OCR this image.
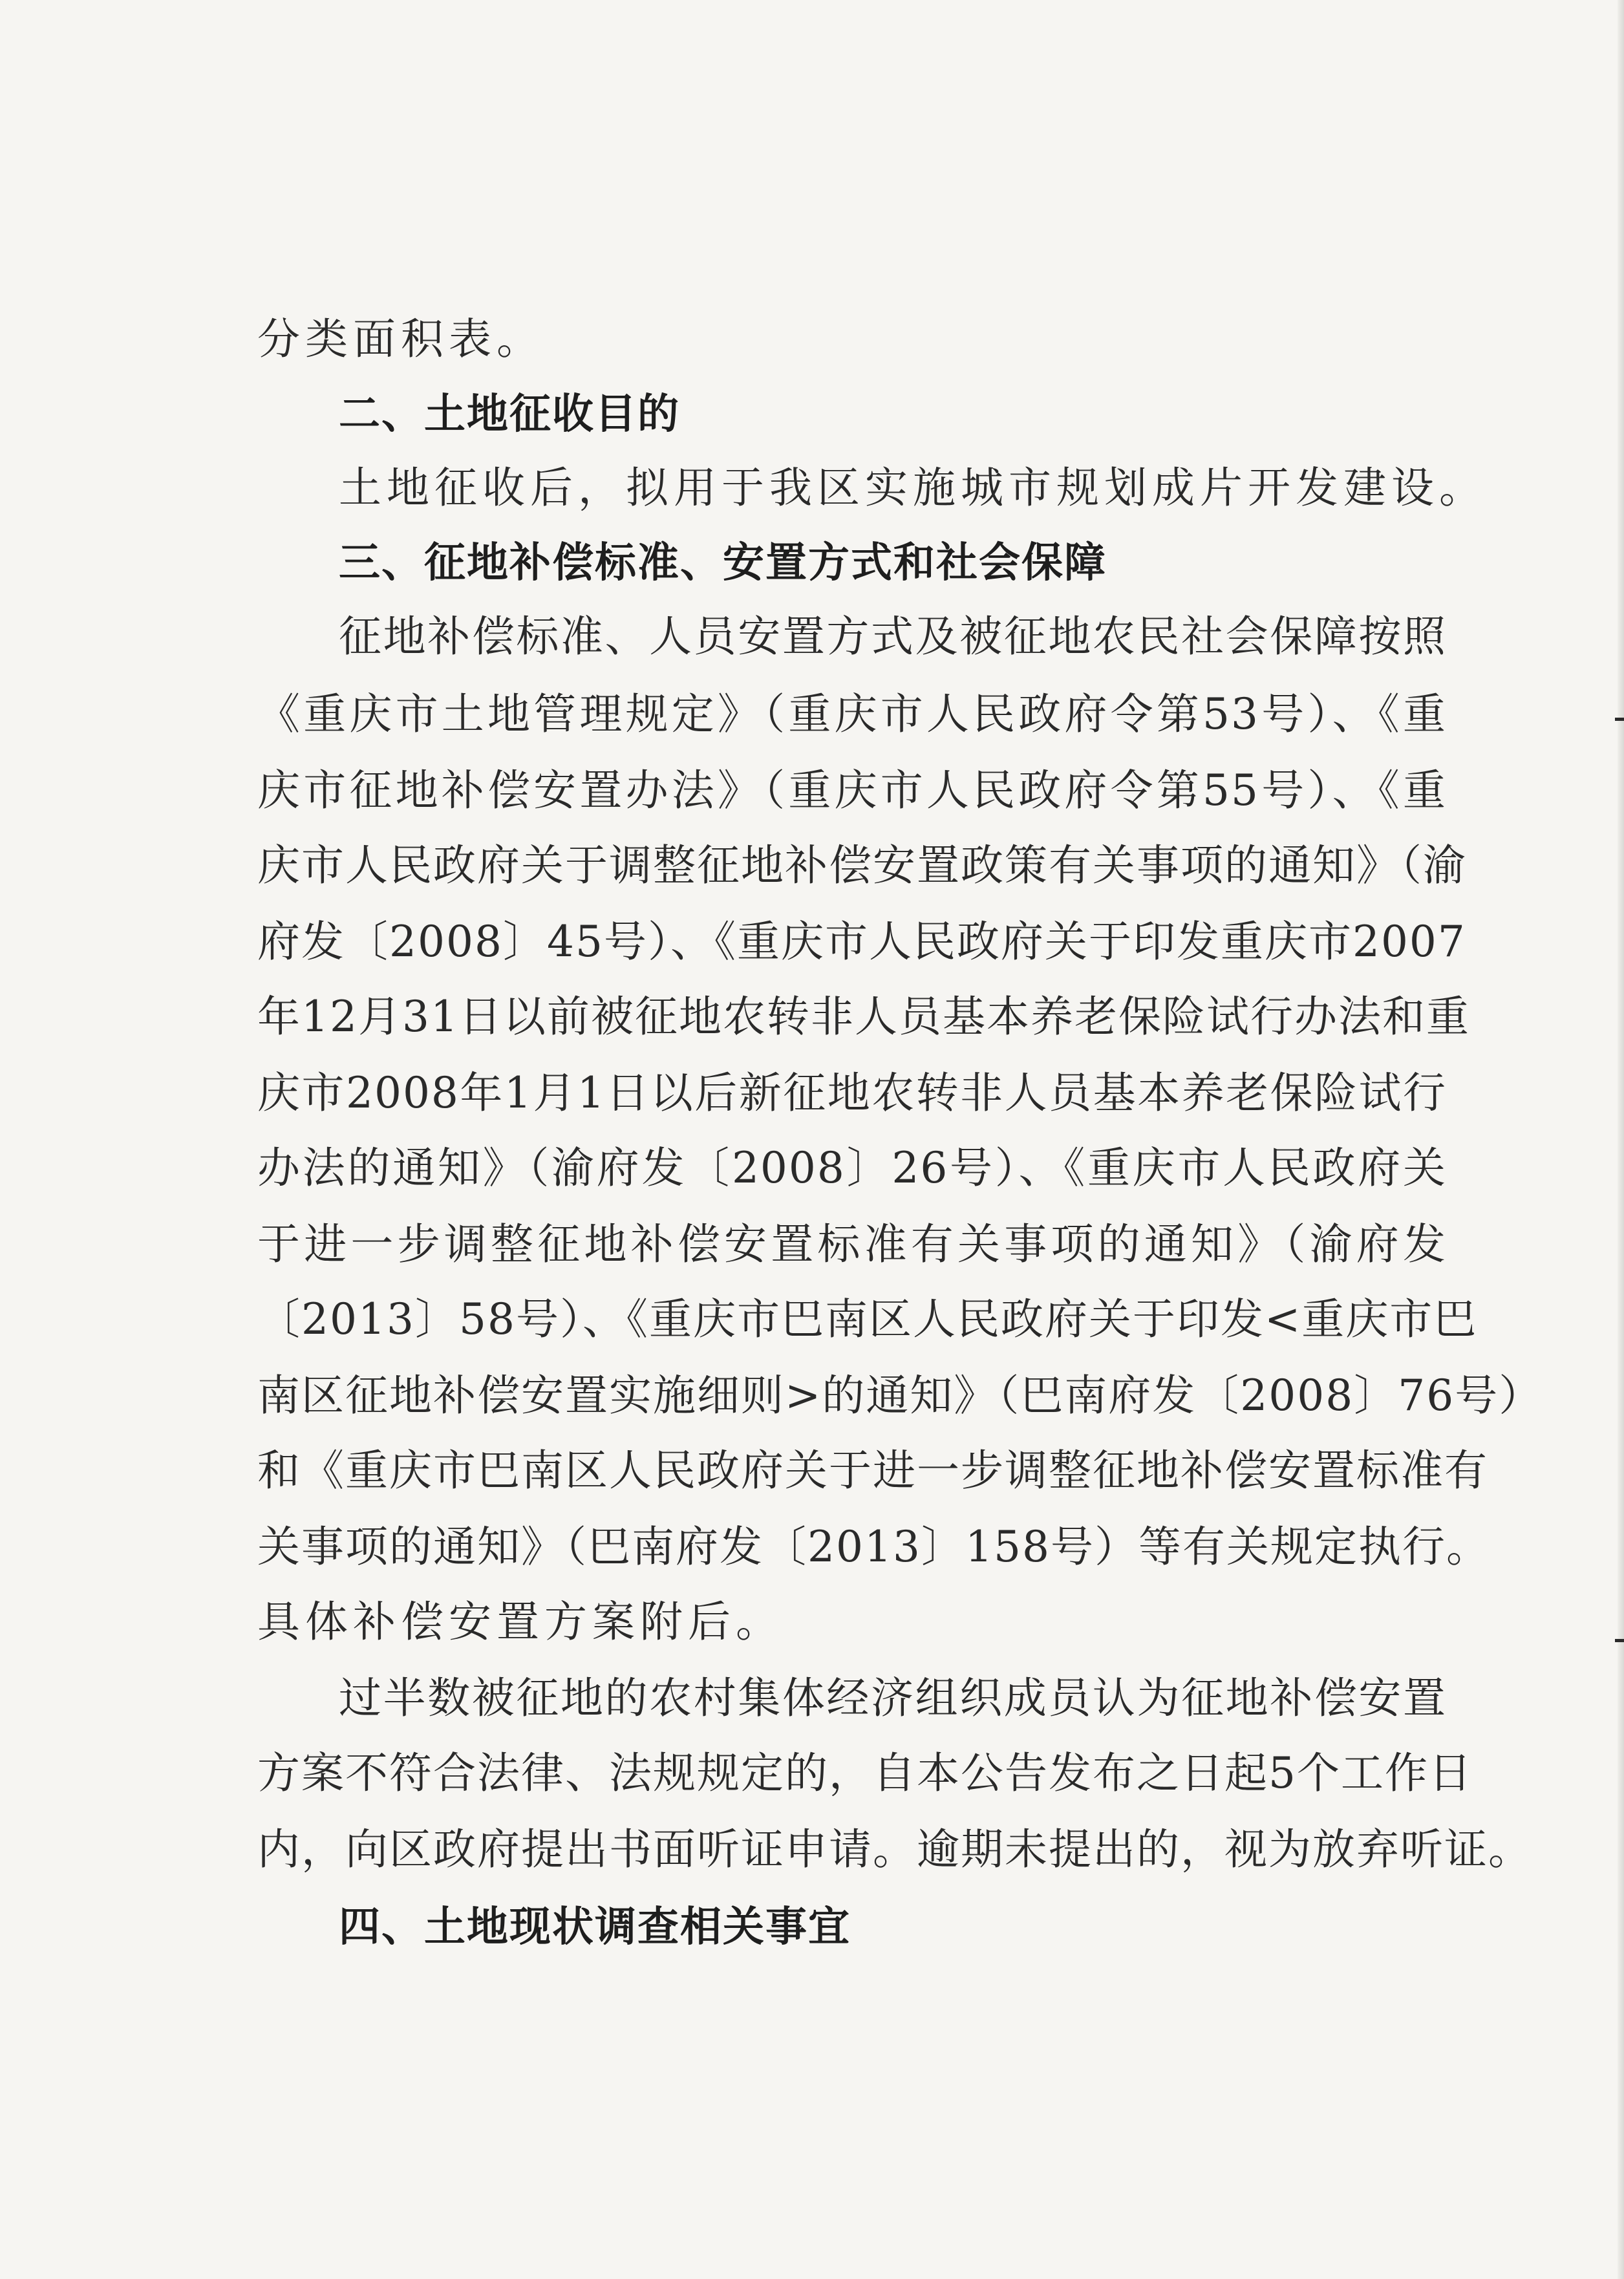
分类面积表。
二、土地征收目的
土地征收后，拟用于我区实施城市规划成片开发建设。
三、征地补偿标准、安置方式和社会保障
征地补偿标准、人员安置方式及被征地农民社会保障按照
《重庆市土地管理规定》（重庆市人民政府令第53号）、《重
庆市征地补偿安置办法》（重庆市人民政府令第55号）、《重
庆市人民政府关于调整征地补偿安置政策有关事项的通知》（渝
府发〔2008〕45号）、《重庆市人民政府关于印发重庆市2007
年12月31日以前被征地农转非人员基本养老保险试行办法和重
庆市2008年1月1日以后新征地农转非人员基本养老保险试行
办法的通知》（渝府发〔2008〕26号）、《重庆市人民政府关
于进一步调整征地补偿安置标准有关事项的通知》（渝府发
〔2013〕58号）、《重庆市巴南区人民政府关于印发<重庆市巴
南区征地补偿安置实施细则>的通知》（巴南府发〔2008〕76号）
和《重庆市巴南区人民政府关于进一步调整征地补偿安置标准有
关事项的通知》（巴南府发〔2013〕158号）等有关规定执行。
具体补偿安置方案附后。
过半数被征地的农村集体经济组织成员认为征地补偿安置
方案不符合法律、法规规定的，自本公告发布之日起5个工作日
内，向区政府提出书面听证申请。逾期未提出的，视为放弃听证。
四、土地现状调查相关事宜
